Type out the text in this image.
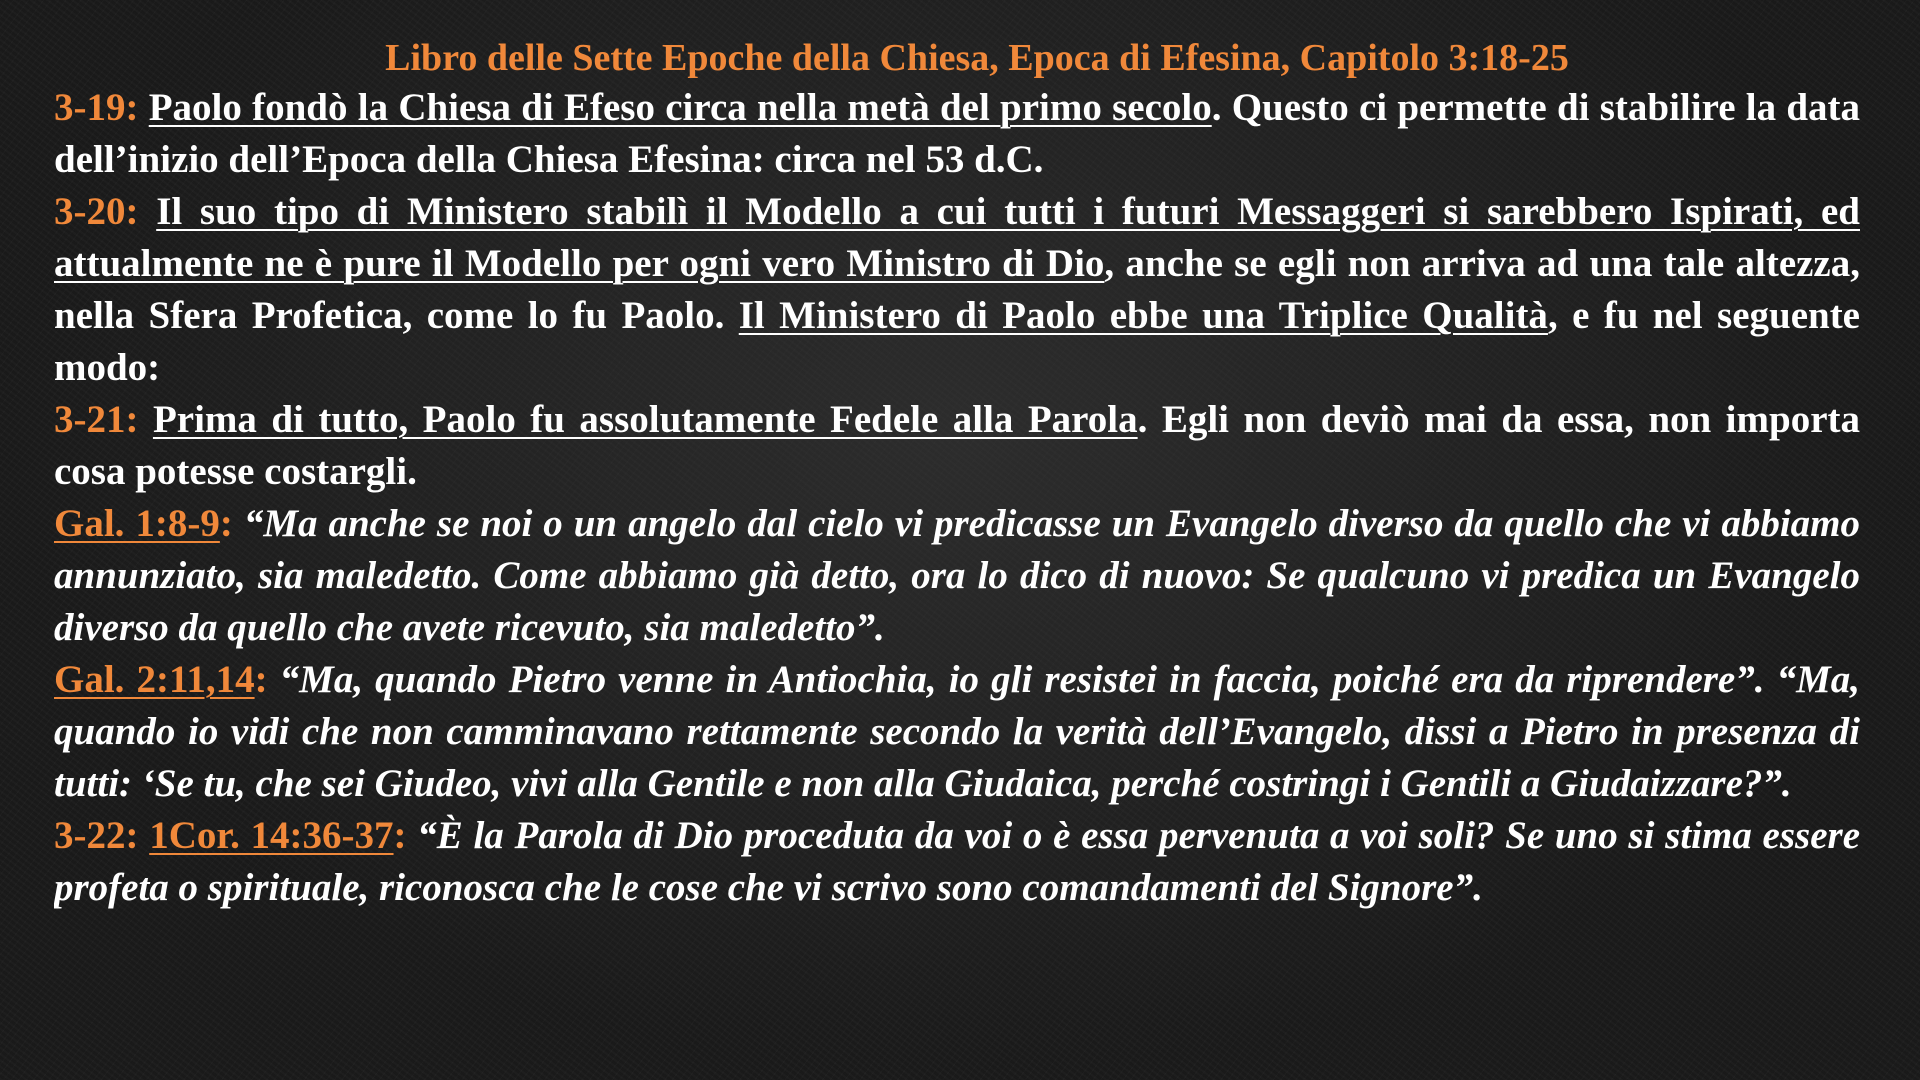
Libro delle Sette Epoche della Chiesa, Epoca di Efesina, Capitolo 3:18-25

3-19: Paolo fondò la Chiesa di Efeso circa nella metà del primo secolo. Questo ci permette di stabilire la data dell’inizio dell’Epoca della Chiesa Efesina: circa nel 53 d.C.

3-20: Il suo tipo di Ministero stabilì il Modello a cui tutti i futuri Messaggeri si sarebbero Ispirati, ed attualmente ne è pure il Modello per ogni vero Ministro di Dio, anche se egli non arriva ad una tale altezza, nella Sfera Profetica, come lo fu Paolo. Il Ministero di Paolo ebbe una Triplice Qualità, e fu nel seguente modo:

3-21: Prima di tutto, Paolo fu assolutamente Fedele alla Parola. Egli non deviò mai da essa, non importa cosa potesse costargli.

Gal. 1:8-9: “Ma anche se noi o un angelo dal cielo vi predicasse un Evangelo diverso da quello che vi abbiamo annunziato, sia maledetto. Come abbiamo già detto, ora lo dico di nuovo: Se qualcuno vi predica un Evangelo diverso da quello che avete ricevuto, sia maledetto”.

Gal. 2:11,14: “Ma, quando Pietro venne in Antiochia, io gli resistei in faccia, poiché era da riprendere”. “Ma, quando io vidi che non camminavano rettamente secondo la verità dell’Evangelo, dissi a Pietro in presenza di tutti: ‘Se tu, che sei Giudeo, vivi alla Gentile e non alla Giudaica, perché costringi i Gentili a Giudaizzare?”.

3-22: 1Cor. 14:36-37: “È la Parola di Dio proceduta da voi o è essa pervenuta a voi soli? Se uno si stima essere profeta o spirituale, riconosca che le cose che vi scrivo sono comandamenti del Signore”.
